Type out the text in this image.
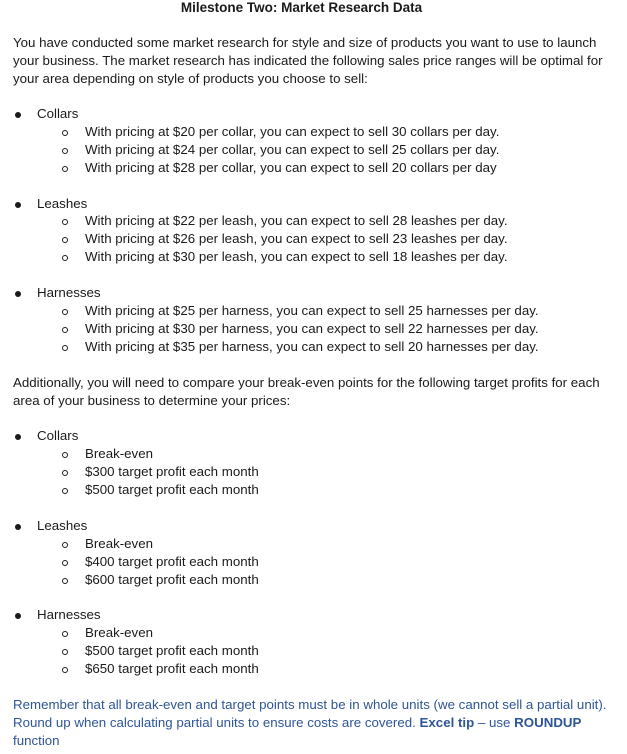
Milestone Two: Market Research Data

You have conducted some market research for style and size of products you want to use to launch your business. The market research has indicated the following sales price ranges will be optimal for your area depending on style of products you choose to sell:

Collars
With pricing at $20 per collar, you can expect to sell 30 collars per day.
With pricing at $24 per collar, you can expect to sell 25 collars per day.
With pricing at $28 per collar, you can expect to sell 20 collars per day
Leashes
With pricing at $22 per leash, you can expect to sell 28 leashes per day.
With pricing at $26 per leash, you can expect to sell 23 leashes per day.
With pricing at $30 per leash, you can expect to sell 18 leashes per day.
Harnesses
With pricing at $25 per harness, you can expect to sell 25 harnesses per day.
With pricing at $30 per harness, you can expect to sell 22 harnesses per day.
With pricing at $35 per harness, you can expect to sell 20 harnesses per day.

Additionally, you will need to compare your break-even points for the following target profits for each area of your business to determine your prices:

Collars
Break-even
$300 target profit each month
$500 target profit each month
Leashes
Break-even
$400 target profit each month
$600 target profit each month
Harnesses
Break-even
$500 target profit each month
$650 target profit each month

Remember that all break-even and target points must be in whole units (we cannot sell a partial unit). Round up when calculating partial units to ensure costs are covered. Excel tip – use ROUNDUP function
